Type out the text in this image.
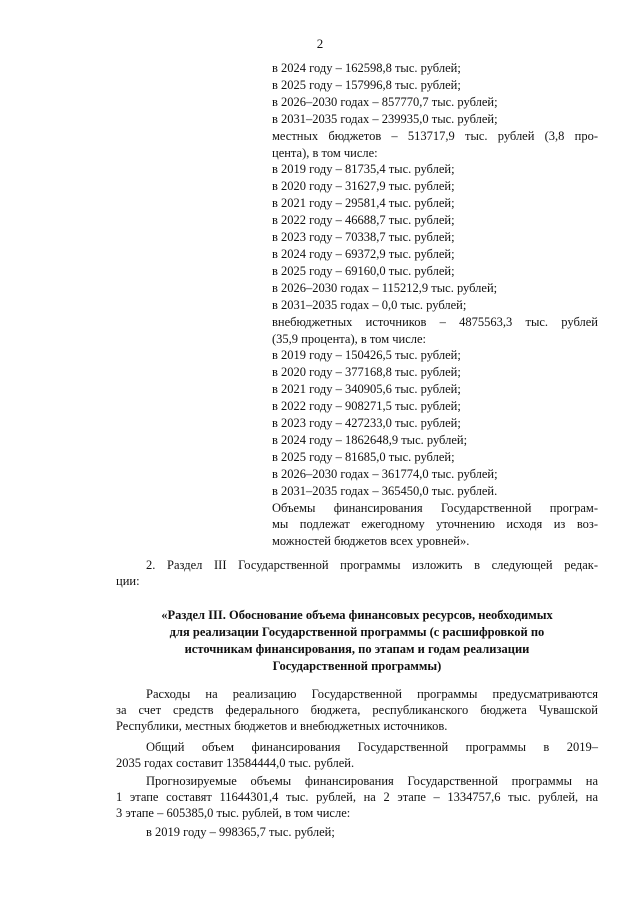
2
в 2024 году – 162598,8 тыс. рублей;
в 2025 году – 157996,8 тыс. рублей;
в 2026–2030 годах – 857770,7 тыс. рублей;
в 2031–2035 годах – 239935,0 тыс. рублей;
местных бюджетов – 513717,9 тыс. рублей (3,8 про-
цента), в том числе:
в 2019 году – 81735,4 тыс. рублей;
в 2020 году – 31627,9 тыс. рублей;
в 2021 году – 29581,4 тыс. рублей;
в 2022 году – 46688,7 тыс. рублей;
в 2023 году – 70338,7 тыс. рублей;
в 2024 году – 69372,9 тыс. рублей;
в 2025 году – 69160,0 тыс. рублей;
в 2026–2030 годах – 115212,9 тыс. рублей;
в 2031–2035 годах – 0,0 тыс. рублей;
внебюджетных источников – 4875563,3 тыс. рублей
(35,9 процента), в том числе:
в 2019 году – 150426,5 тыс. рублей;
в 2020 году – 377168,8 тыс. рублей;
в 2021 году – 340905,6 тыс. рублей;
в 2022 году – 908271,5 тыс. рублей;
в 2023 году – 427233,0 тыс. рублей;
в 2024 году – 1862648,9 тыс. рублей;
в 2025 году – 81685,0 тыс. рублей;
в 2026–2030 годах – 361774,0 тыс. рублей;
в 2031–2035 годах – 365450,0 тыс. рублей.
Объемы финансирования Государственной програм-
мы подлежат ежегодному уточнению исходя из воз-
можностей бюджетов всех уровней».
2. Раздел III Государственной программы изложить в следующей редак-
ции:
«Раздел III. Обоснование объема финансовых ресурсов, необходимых
для реализации Государственной программы (с расшифровкой по
источникам финансирования, по этапам и годам реализации
Государственной программы)
Расходы на реализацию Государственной программы предусматриваются
за счет средств федерального бюджета, республиканского бюджета Чувашской
Республики, местных бюджетов и внебюджетных источников.
Общий объем финансирования Государственной программы в 2019–
2035 годах составит 13584444,0 тыс. рублей.
Прогнозируемые объемы финансирования Государственной программы на
1 этапе составят 11644301,4 тыс. рублей, на 2 этапе – 1334757,6 тыс. рублей, на
3 этапе – 605385,0 тыс. рублей, в том числе:
в 2019 году – 998365,7 тыс. рублей;
